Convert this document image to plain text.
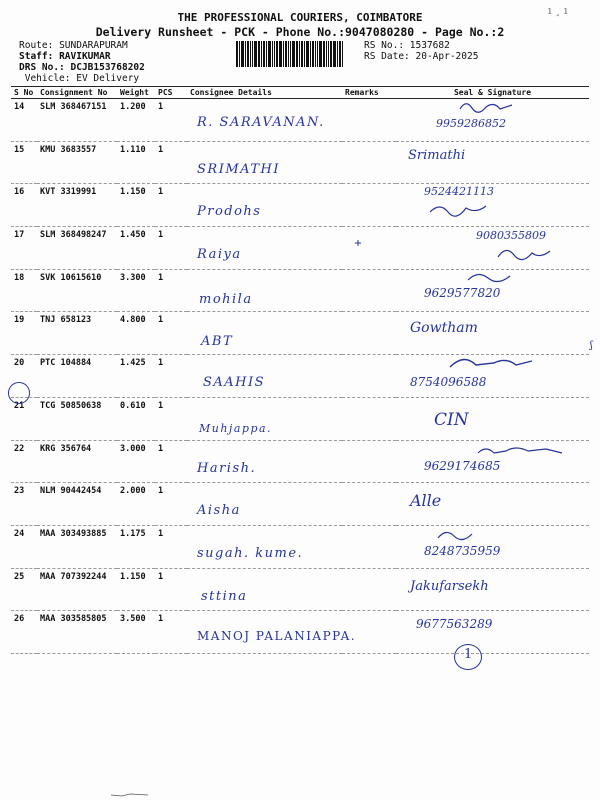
ı ¸ ı
THE PROFESSIONAL COURIERS, COIMBATORE
Delivery Runsheet - PCK - Phone No.:9047080280 - Page No.:2
Route: SUNDARAPURAM
Staff: RAVIKUMAR
DRS No.: DCJB153768202
Vehicle: EV Delivery
RS No.: 1537682
RS Date: 20-Apr-2025
S No	Consignment No	Weight	PCS	Consignee Details	Remarks	Seal & Signature
14	SLM 368467151	1.200	1	R. SARAVANAN.		9959286852

15	KMU 3683557	1.110	1	SRIMATHI		Srimathi

16	KVT 3319991	1.150	1	Prodohs		9524421113

17	SLM 368498247	1.450	1	Raiya		9080355809

18	SVK 10615610	3.300	1	mohila		9629577820

19	TNJ 658123	4.800	1	ABT		Gowtham

20	PTC 104884	1.425	1	SAAHIS		8754096588

21	TCG 50850638	0.610	1	Muhjappa.		CIN

22	KRG 356764	3.000	1	Harish.		9629174685

23	NLM 90442454	2.000	1	Aisha		Alle

24	MAA 303493885	1.175	1	sugah. kume.		8248735959

25	MAA 707392244	1.150	1	sttina		Jakufarsekh

26	MAA 303585805	3.500	1	MANOJ PALANIAPPA.		9677563289
1
ʃ
